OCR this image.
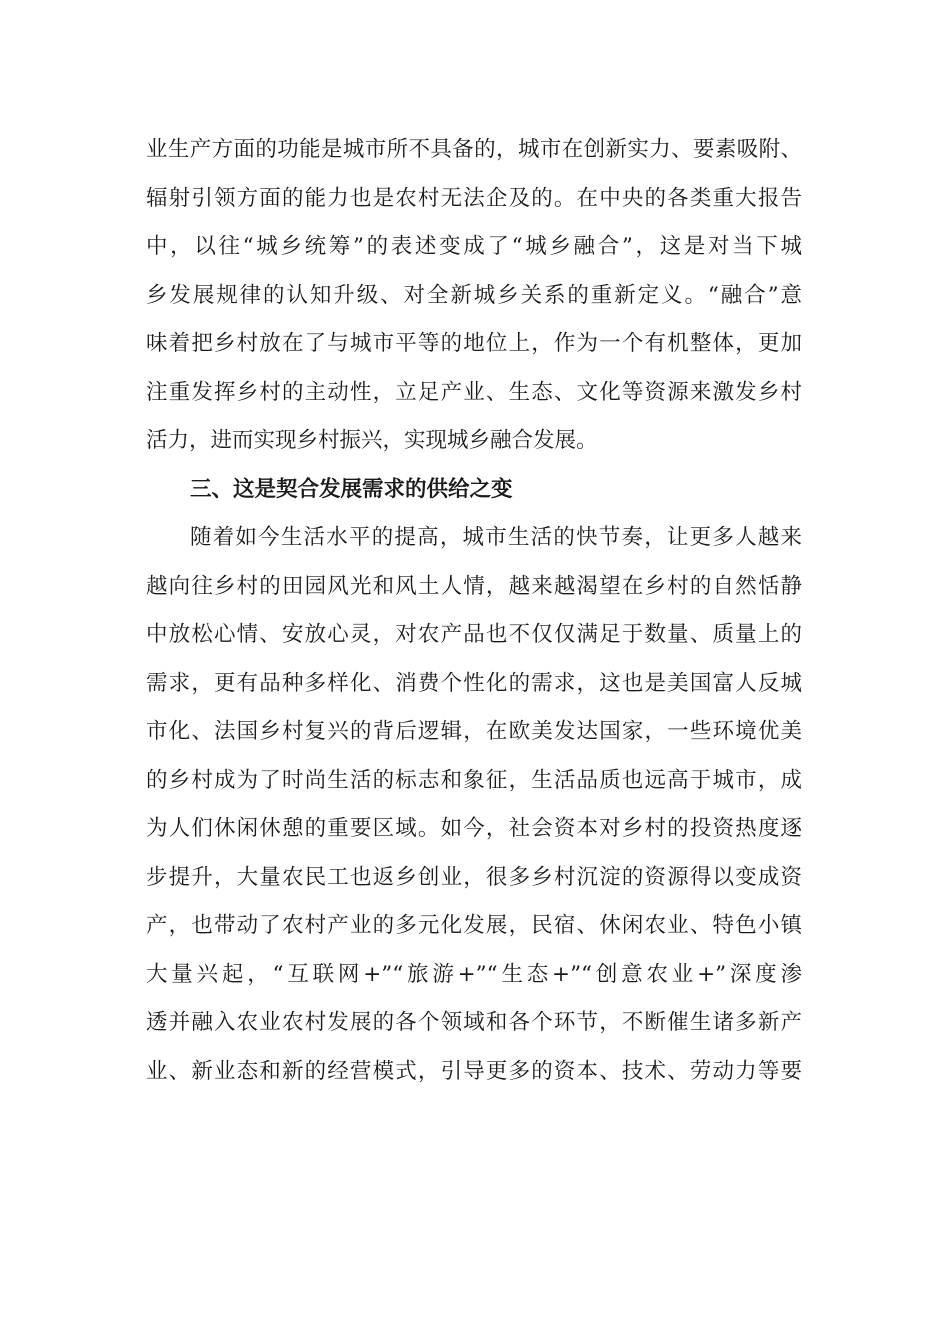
业生产方面的功能是城市所不具备的，城市在创新实力、要素吸附、
辐射引领方面的能力也是农村无法企及的。在中央的各类重大报告
中，以往“城乡统筹”的表述变成了“城乡融合”，这是对当下城
乡发展规律的认知升级、对全新城乡关系的重新定义。“融合”意
味着把乡村放在了与城市平等的地位上，作为一个有机整体，更加
注重发挥乡村的主动性，立足产业、生态、文化等资源来激发乡村
活力，进而实现乡村振兴，实现城乡融合发展。
三、这是契合发展需求的供给之变
随着如今生活水平的提高，城市生活的快节奏，让更多人越来
越向往乡村的田园风光和风土人情，越来越渴望在乡村的自然恬静
中放松心情、安放心灵，对农产品也不仅仅满足于数量、质量上的
需求，更有品种多样化、消费个性化的需求，这也是美国富人反城
市化、法国乡村复兴的背后逻辑，在欧美发达国家，一些环境优美
的乡村成为了时尚生活的标志和象征，生活品质也远高于城市，成
为人们休闲休憩的重要区域。如今，社会资本对乡村的投资热度逐
步提升，大量农民工也返乡创业，很多乡村沉淀的资源得以变成资
产，也带动了农村产业的多元化发展，民宿、休闲农业、特色小镇
大量兴起，“互联网+”“旅游+”“生态+”“创意农业+”深度渗
透并融入农业农村发展的各个领域和各个环节，不断催生诸多新产
业、新业态和新的经营模式，引导更多的资本、技术、劳动力等要
